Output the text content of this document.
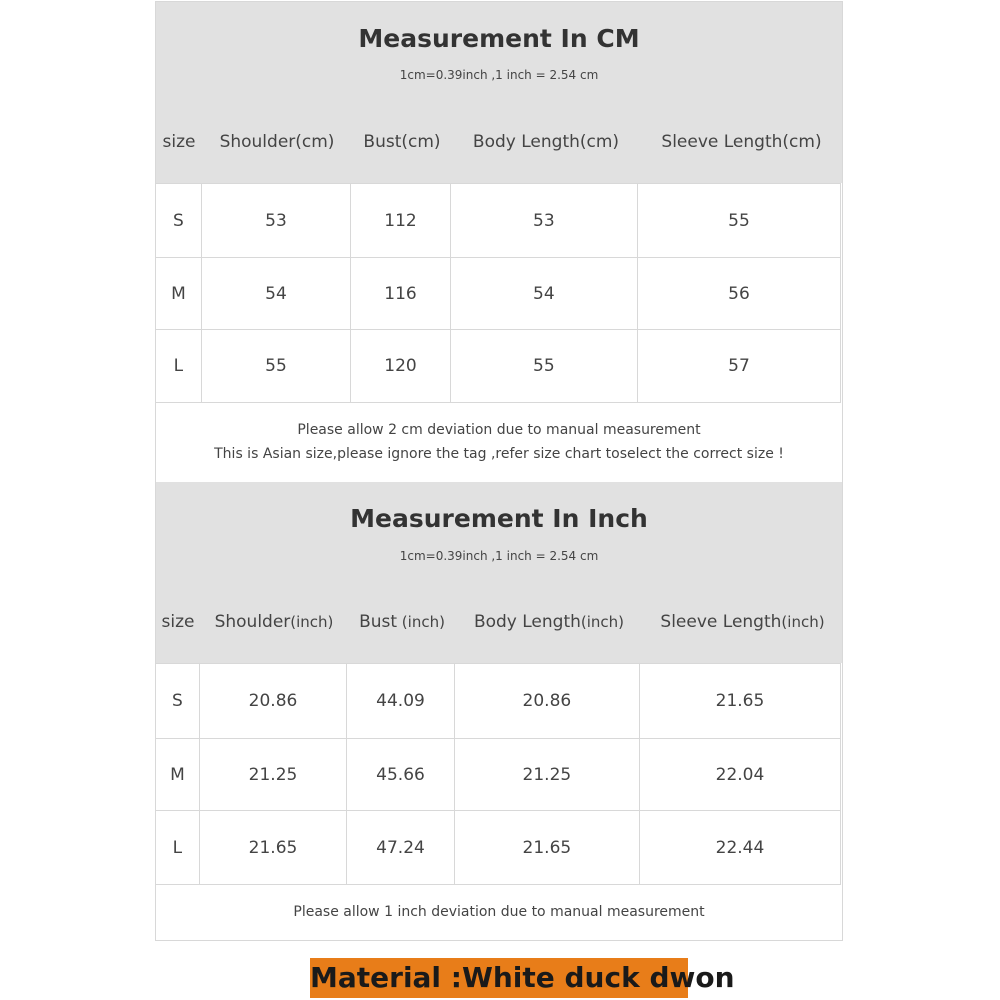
Measurement In CM
1cm=0.39inch ,1 inch = 2.54 cm
size	Shoulder(cm)	Bust(cm)	Body Length(cm)	Sleeve Length(cm)
S	53	112	53	55
M	54	116	54	56
L	55	120	55	57
Please allow 2 cm deviation due to manual measurement
This is Asian size,please ignore the tag ,refer size chart toselect the correct size !
Measurement In Inch
1cm=0.39inch ,1 inch = 2.54 cm
size	Shoulder(inch)	Bust (inch)	Body Length(inch)	Sleeve Length(inch)
S	20.86	44.09	20.86	21.65
M	21.25	45.66	21.25	22.04
L	21.65	47.24	21.65	22.44
Please allow 1 inch deviation due to manual measurement
Material :White duck dwon
